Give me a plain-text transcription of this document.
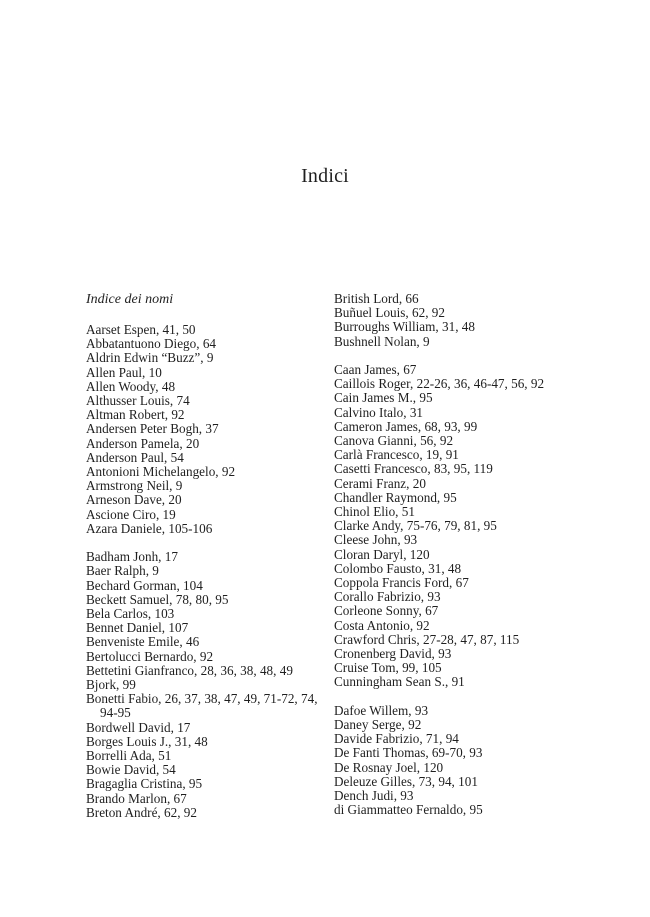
Indici
Indice dei nomi
Aarset Espen, 41, 50
Abbatantuono Diego, 64
Aldrin Edwin “Buzz”, 9
Allen Paul, 10
Allen Woody, 48
Althusser Louis, 74
Altman Robert, 92
Andersen Peter Bogh, 37
Anderson Pamela, 20
Anderson Paul, 54
Antonioni Michelangelo, 92
Armstrong Neil, 9
Arneson Dave, 20
Ascione Ciro, 19
Azara Daniele, 105-106
Badham Jonh, 17
Baer Ralph, 9
Bechard Gorman, 104
Beckett Samuel, 78, 80, 95
Bela Carlos, 103
Bennet Daniel, 107
Benveniste Emile, 46
Bertolucci Bernardo, 92
Bettetini Gianfranco, 28, 36, 38, 48, 49
Bjork, 99
Bonetti Fabio, 26, 37, 38, 47, 49, 71-72, 74, 94-95
Bordwell David, 17
Borges Louis J., 31, 48
Borrelli Ada, 51
Bowie David, 54
Bragaglia Cristina, 95
Brando Marlon, 67
Breton André, 62, 92
British Lord, 66
Buñuel Louis, 62, 92
Burroughs William, 31, 48
Bushnell Nolan, 9
Caan James, 67
Caillois Roger, 22-26, 36, 46-47, 56, 92
Cain James M., 95
Calvino Italo, 31
Cameron James, 68, 93, 99
Canova Gianni, 56, 92
Carlà Francesco, 19, 91
Casetti Francesco, 83, 95, 119
Cerami Franz, 20
Chandler Raymond, 95
Chinol Elio, 51
Clarke Andy, 75-76, 79, 81, 95
Cleese John, 93
Cloran Daryl, 120
Colombo Fausto, 31, 48
Coppola Francis Ford, 67
Corallo Fabrizio, 93
Corleone Sonny, 67
Costa Antonio, 92
Crawford Chris, 27-28, 47, 87, 115
Cronenberg David, 93
Cruise Tom, 99, 105
Cunningham Sean S., 91
Dafoe Willem, 93
Daney Serge, 92
Davide Fabrizio, 71, 94
De Fanti Thomas, 69-70, 93
De Rosnay Joel, 120
Deleuze Gilles, 73, 94, 101
Dench Judi, 93
di Giammatteo Fernaldo, 95
